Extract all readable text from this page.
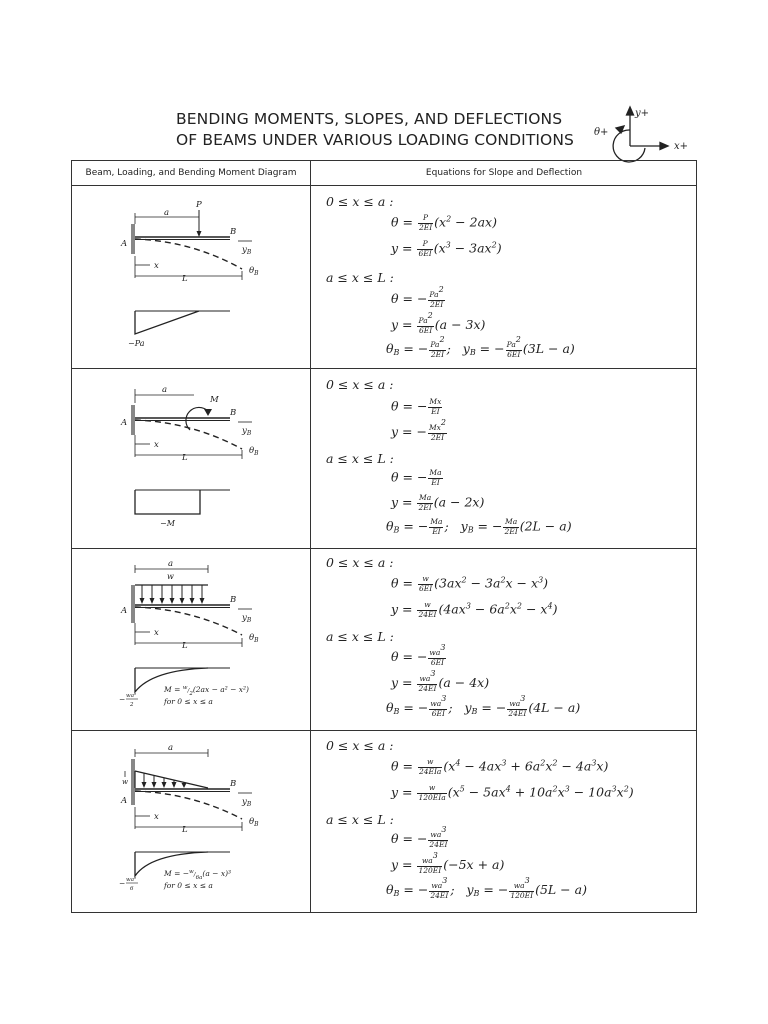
BENDING MOMENTS, SLOPES, AND DEFLECTIONS
OF BEAMS UNDER VARIOUS LOADING CONDITIONS
y+
x+
θ+
Beam, Loading, and Bending Moment Diagram	Equations for Slope and Deflection
A
a
P
B
$y_B$
$\theta_B$
x
L
−Pa
0 ≤ x ≤ a :
$\theta = \frac{P}{2EI} (x^2 - 2ax)$
$y = \frac{P}{6EI} (x^3 - 3ax^2)$
a ≤ x ≤ L :
θ = − $\frac{Pa^2}{2EI}$
$y = \frac{Pa^2}{6EI} (a - 3x)$
$\theta_B$ = − $\frac{Pa^2}{2EI}$ ;   $y_B$ = − $\frac{Pa^2}{6EI} (3L - a)$
A
a
M
B
$y_B$
$\theta_B$
x
L
−M
0 ≤ x ≤ a :
θ = − $\frac{Mx}{EI}$
y = − $\frac{Mx^2}{2EI}$
a ≤ x ≤ L :
θ = − $\frac{Ma}{EI}$
$y = \frac{Ma}{2EI} (a - 2x)$
$\theta_B$ = − $\frac{Ma}{EI}$ ;   $y_B$ = − $\frac{Ma}{2EI} (2L - a)$
A
a
w
B
$y_B$
$\theta_B$
x
L
M = $^w_{/2}$(2ax − a² − x²)
for 0 ≤ x ≤ a
− wa²
2
0 ≤ x ≤ a :
$\theta = \frac{w}{6EI} (3ax^2 - 3a^2x - x^3)$
$y = \frac{w}{24EI} (4ax^3 - 6a^2x^2 - x^4)$
a ≤ x ≤ L :
θ = − $\frac{wa^3}{6EI}$
$y = \frac{wa^3}{24EI} (a - 4x)$
$\theta_B$ = − $\frac{wa^3}{6EI}$ ;   $y_B$ = − $\frac{wa^3}{24EI} (4L - a)$
A
a
w	B
$y_B$
$\theta_B$
x
L
M = −$^w_{/6a}$(a − x)³
for 0 ≤ x ≤ a
− wa²
6
0 ≤ x ≤ a :
θ =	w
24EIa $(x^4 - 4ax^3 + 6a^2x^2 - 4a^3x)$
y =	w
120EIa $(x^5 - 5ax^4 + 10a^2x^3 - 10a^3x^2)$
a ≤ x ≤ L :
θ = − $\frac{wa^3}{24EI}$
$y = \frac{wa^3}{120EI} (-5x + a)$
$\theta_B$ = − $\frac{wa^3}{24EI}$ ;   $y_B$ = − $\frac{wa^3}{120EI} (5L - a)$
